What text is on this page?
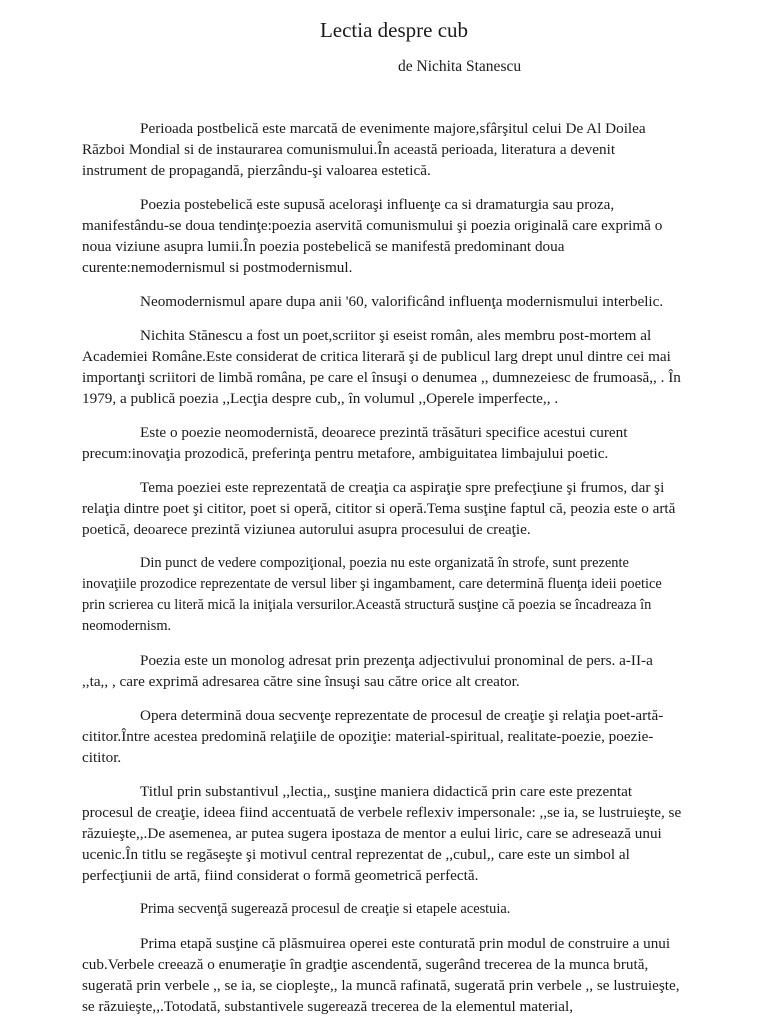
Lectia despre cub

de Nichita Stanescu

Perioada postbelică este marcată de evenimente majore,sfârşitul celui De Al Doilea Război Mondial si de instaurarea comunismului.În această perioada, literatura a devenit instrument de propagandă, pierzându-şi valoarea estetică.

Poezia postebelică este supusă aceloraşi influenţe ca si dramaturgia sau proza, manifestându-se doua tendinţe:poezia aservită comunismului şi poezia originală care exprimă o noua viziune asupra lumii.În poezia postebelică se manifestă predominant doua curente:nemodernismul si postmodernismul.

Neomodernismul apare dupa anii '60, valorificând influenţa modernismului interbelic.

Nichita Stănescu a fost un poet,scriitor şi eseist român, ales membru post-mortem al Academiei Române.Este considerat de critica literară şi de publicul larg drept unul dintre cei mai importanţi scriitori de limbă româna, pe care el însuşi o denumea ,, dumnezeiesc de frumoasă,, . În 1979, a publică poezia ,,Lecţia despre cub,, în volumul ,,Operele imperfecte,, .

Este o poezie neomodernistă, deoarece prezintă trăsături specifice acestui curent precum:inovaţia prozodică, preferinţa pentru metafore, ambiguitatea limbajului poetic.

Tema poeziei este reprezentată de creaţia ca aspiraţie spre prefecţiune şi frumos, dar şi relaţia dintre poet şi cititor, poet si operă, cititor si operă.Tema susţine faptul că, peozia este o artă poetică, deoarece prezintă viziunea autorului asupra procesului de creaţie.

Din punct de vedere compoziţional, poezia nu este organizată în strofe, sunt prezente inovaţiile prozodice reprezentate de versul liber şi ingambament, care determină fluenţa ideii poetice prin scrierea cu literă mică la iniţiala versurilor.Această structură susţine că poezia se încadreaza în neomodernism.

Poezia este un monolog adresat prin prezenţa adjectivului pronominal de pers. a-II-a ,,ta,, , care exprimă adresarea către sine însuşi sau către orice alt creator.

Opera determină doua secvenţe reprezentate de procesul de creaţie şi relaţia poet-artă-cititor.Între acestea predomină relaţiile de opoziţie: material-spiritual, realitate-poezie, poezie-cititor.

Titlul prin substantivul ,,lectia,, susţine maniera didactică prin care este prezentat procesul de creaţie, ideea fiind accentuată de verbele reflexiv impersonale: ,,se ia, se lustruieşte, se răzuieşte,,.De asemenea, ar putea sugera ipostaza de mentor a eului liric, care se adresează unui ucenic.În titlu se regăseşte şi motivul central reprezentat de ,,cubul,, care este un simbol al perfecţiunii de artă, fiind considerat o formă geometrică perfectă.

Prima secvenţă sugerează procesul de creaţie si etapele acestuia.

Prima etapă susţine că plăsmuirea operei este conturată prin modul de construire a unui cub.Verbele creează o enumeraţie în gradţie ascendentă, sugerând trecerea de la munca brută, sugerată prin verbele ,, se ia, se ciopleşte,, la muncă rafinată, sugerată prin verbele ,, se lustruieşte, se răzuieşte,,.Totodată, substantivele sugerează trecerea de la elementul material,
